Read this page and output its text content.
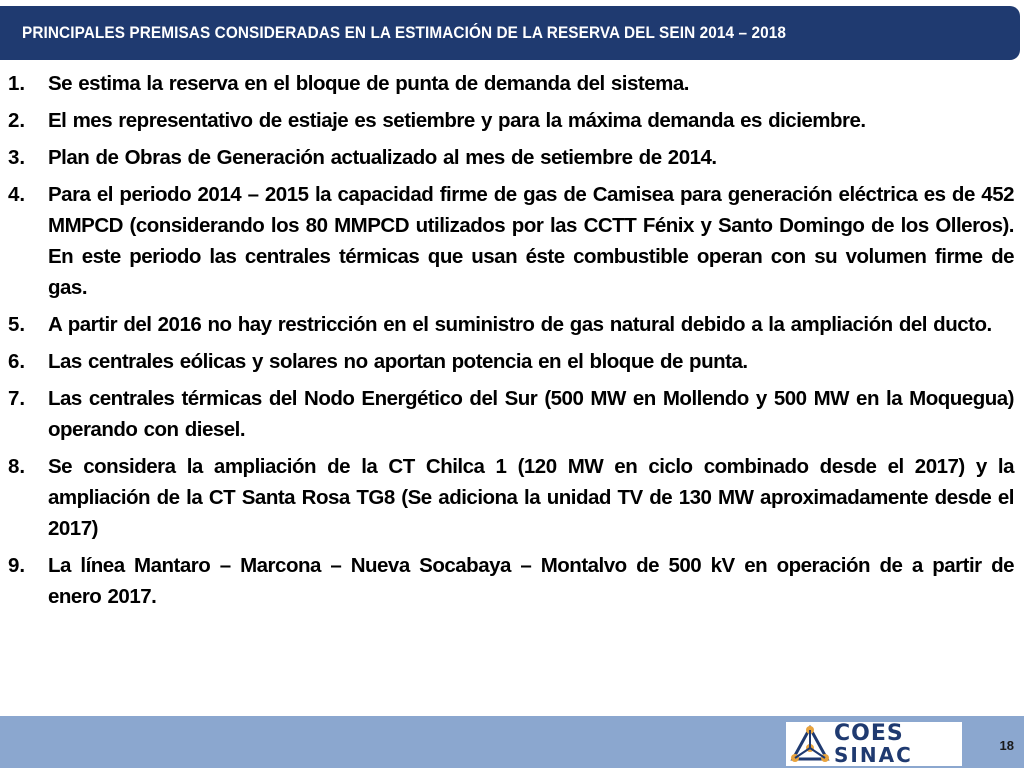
PRINCIPALES PREMISAS CONSIDERADAS EN LA ESTIMACIÓN DE LA RESERVA DEL SEIN 2014 – 2018
1.	Se estima la reserva en el bloque de punta de demanda del sistema.
2.	El mes representativo de estiaje es setiembre y para la máxima demanda es diciembre.
3.	Plan de Obras de Generación actualizado al mes de setiembre de 2014.
4.	Para el periodo 2014 – 2015 la capacidad firme de gas de Camisea para generación eléctrica es de 452 MMPCD (considerando los 80 MMPCD utilizados por las CCTT Fénix y Santo Domingo de los Olleros). En este periodo las centrales térmicas que usan éste combustible operan con su volumen firme de gas.
5.	A partir del 2016 no hay restricción en el suministro de gas natural debido a la ampliación del ducto.
6.	Las centrales eólicas y solares no aportan potencia en el bloque de punta.
7.	Las centrales térmicas del Nodo Energético del Sur (500 MW en Mollendo y 500 MW en la Moquegua) operando con diesel.
8.	Se considera la ampliación de la CT Chilca 1 (120 MW en ciclo combinado desde el 2017) y la ampliación de la CT Santa Rosa TG8 (Se adiciona la unidad TV de 130 MW aproximadamente desde el 2017)
9.	La línea Mantaro – Marcona – Nueva Socabaya – Montalvo de 500 kV en operación de a partir de enero 2017.
COES
SINAC	18
